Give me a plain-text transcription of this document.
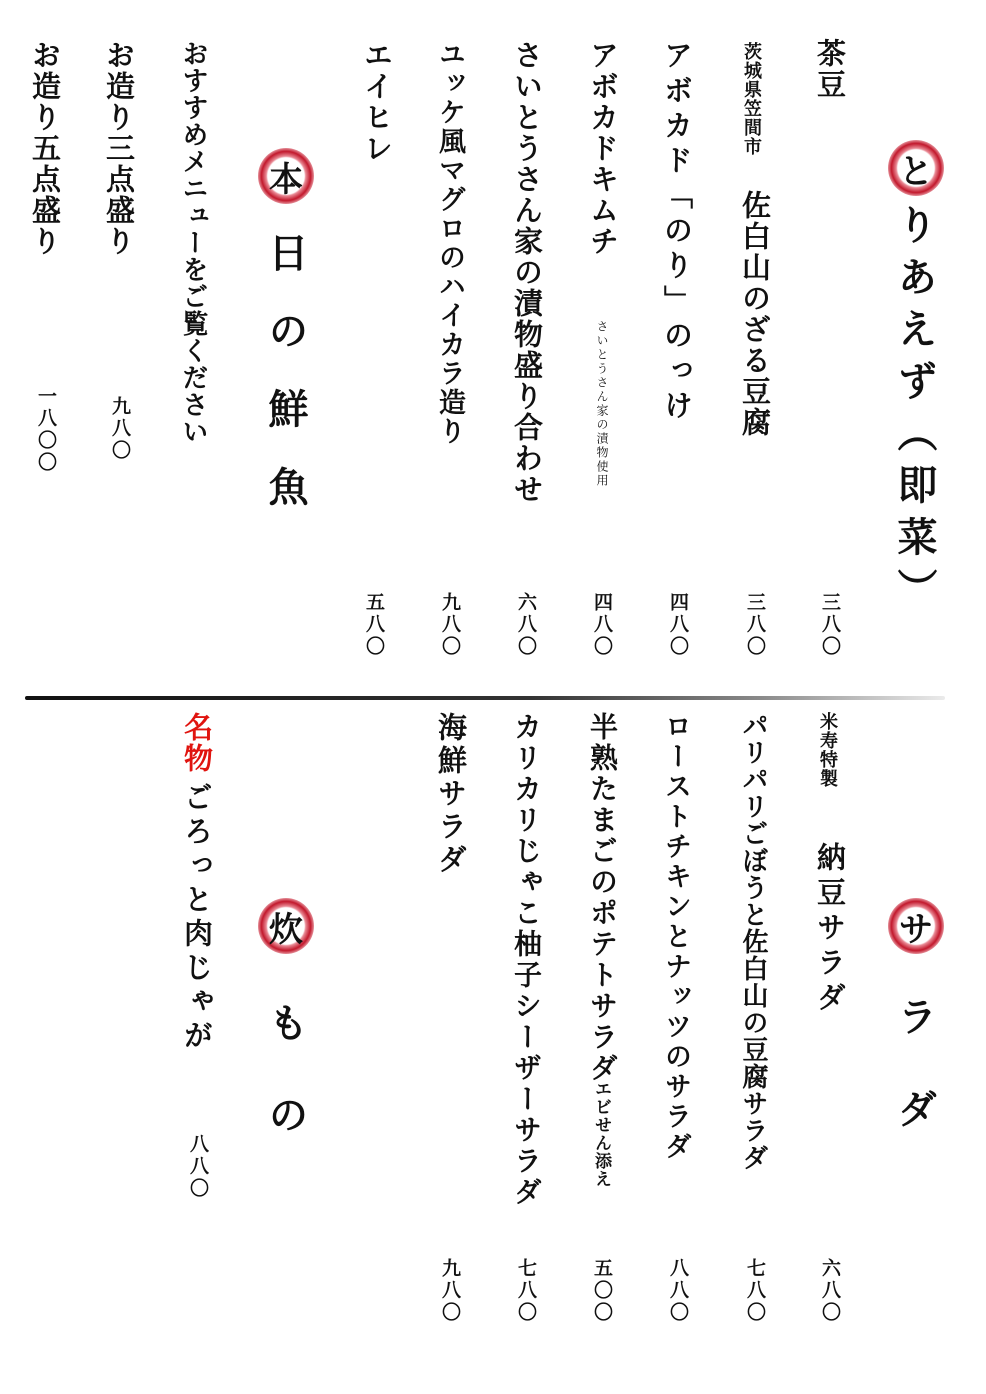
と
りあえず（即菜）
茶豆
三八〇
茨城県笠間市
佐白山のざる豆腐
三八〇
アボカド「のり」のっけ
四八〇
アボカドキムチ
さいとうさん家の漬物使用
四八〇
さいとうさん家の漬物盛り合わせ
六八〇
ユッケ風マグロのハイカラ造り
九八〇
エイヒレ
五八〇
本
日の鮮魚
おすすめメニューをご覧ください
お造り三点盛り
九八〇
お造り五点盛り
一八〇〇
サ
ラダ
米寿特製
納豆サラダ
六八〇
パリパリごぼうと佐白山の豆腐サラダ
七八〇
ローストチキンとナッツのサラダ
八八〇
半熟たまごのポテトサラダ
エビせん添え
五〇〇
カリカリじゃこ柚子シーザーサラダ
七八〇
海鮮サラダ
九八〇
炊
もの
名物
ごろっと肉じゃが
八八〇
